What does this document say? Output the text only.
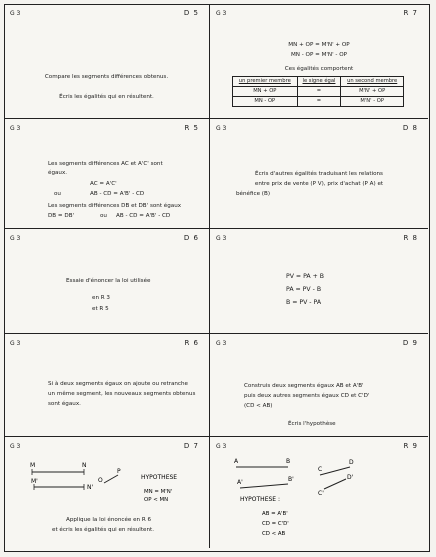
G 3	D 5
Compare les segments différences obtenus.
Écris les égalités qui en résultent.
G 3	R 7
MN + OP = M'N' + OP
MN - OP = M'N' - OP
Ces égalités comportent
un premier membre	le signe égal	un second membre
MN + OP	=	M'N' + OP
MN - OP	=	M'N' - OP
G 3	R 5
Les segments différences AC et A'C' sont
égaux.
AC = A'C'
ou	AB - CD = A'B' - CD
Les segments différences DB et DB' sont égaux
DB = DB'	ou AB - CD = A'B' - CD
G 3	D 8
Écris d'autres égalités traduisant les relations
entre prix de vente (P V), prix d'achat (P A) et
bénéfice (B)
G 3	D 6
Essaie d'énoncer la loi utilisée
en R 3
et R 5
G 3	R 8
PV = PA + B
PA = PV - B
B = PV - PA
G 3	R 6
Si à deux segments égaux on ajoute ou retranche
un même segment, les nouveaux segments obtenus
sont égaux.
G 3	D 9
Construis deux segments égaux AB et A'B'
puis deux autres segments égaux CD et C'D'
(CD < AB)
Écris l'hypothèse
G 3	D 7
M	N
M'
N'
O
P
HYPOTHESE
MN = M'N'
OP < MN
Applique la loi énoncée en R 6
et écris les égalités qui en résultent.
G 3	R 9
A	B
A'	B'
C
D
C'
D'
HYPOTHESE :
AB = A'B'
CD = C'D'
CD < AB
